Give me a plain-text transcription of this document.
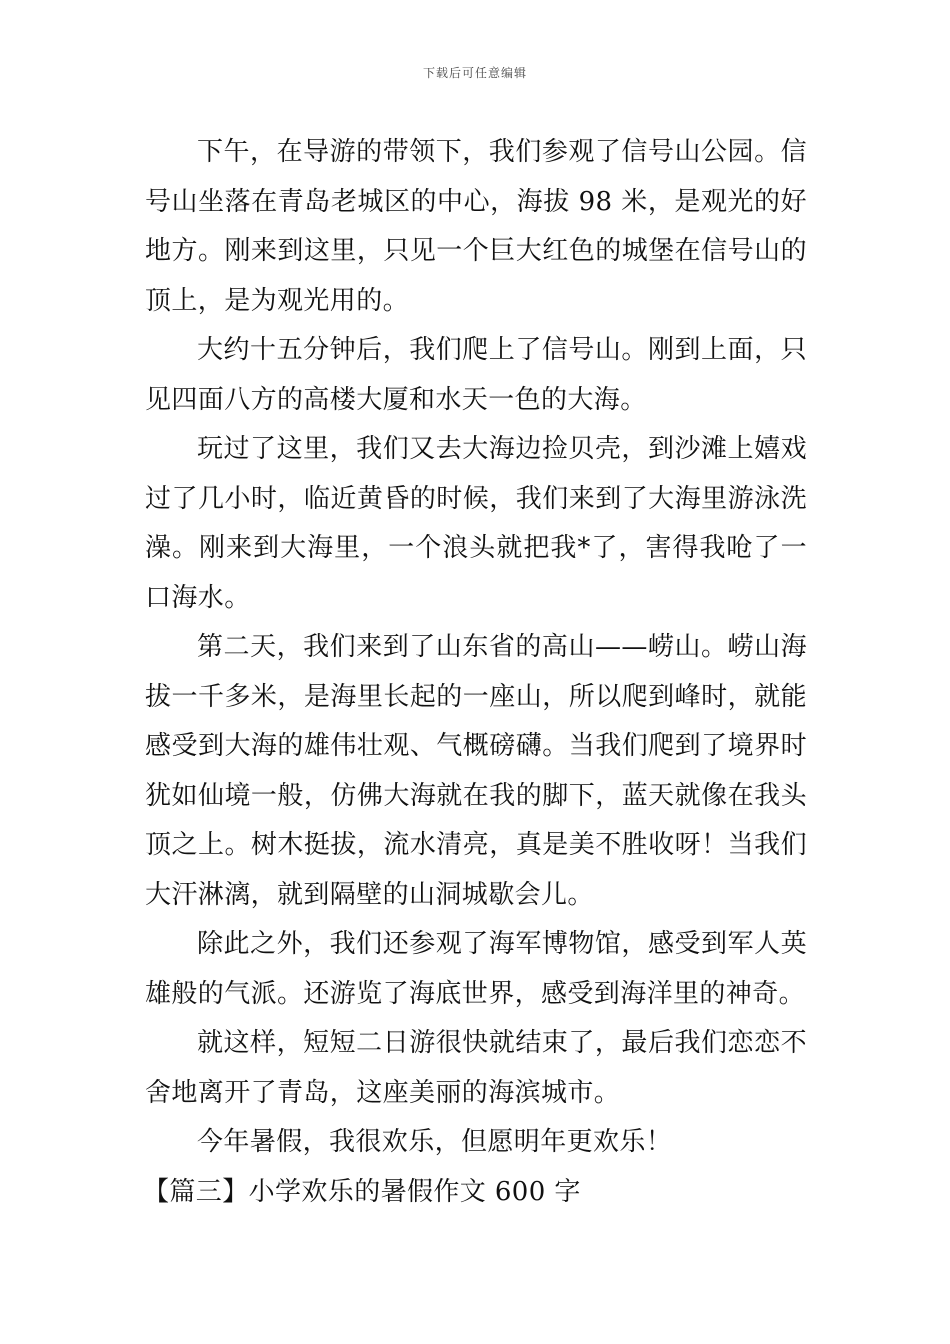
下载后可任意编辑

下午，在导游的带领下，我们参观了信号山公园。信号山坐落在青岛老城区的中心，海拔 98 米，是观光的好地方。刚来到这里，只见一个巨大红色的城堡在信号山的顶上，是为观光用的。

大约十五分钟后，我们爬上了信号山。刚到上面，只见四面八方的高楼大厦和水天一色的大海。

玩过了这里，我们又去大海边捡贝壳，到沙滩上嬉戏过了几小时，临近黄昏的时候，我们来到了大海里游泳洗澡。刚来到大海里，一个浪头就把我*了，害得我呛了一口海水。

第二天，我们来到了山东省的高山——崂山。崂山海拔一千多米，是海里长起的一座山，所以爬到峰时，就能感受到大海的雄伟壮观、气概磅礴。当我们爬到了境界时犹如仙境一般，仿佛大海就在我的脚下，蓝天就像在我头顶之上。树木挺拔，流水清亮，真是美不胜收呀！当我们大汗淋漓，就到隔壁的山洞城歇会儿。

除此之外，我们还参观了海军博物馆，感受到军人英雄般的气派。还游览了海底世界，感受到海洋里的神奇。

就这样，短短二日游很快就结束了，最后我们恋恋不舍地离开了青岛，这座美丽的海滨城市。

今年暑假，我很欢乐，但愿明年更欢乐！

【篇三】小学欢乐的暑假作文 600 字
